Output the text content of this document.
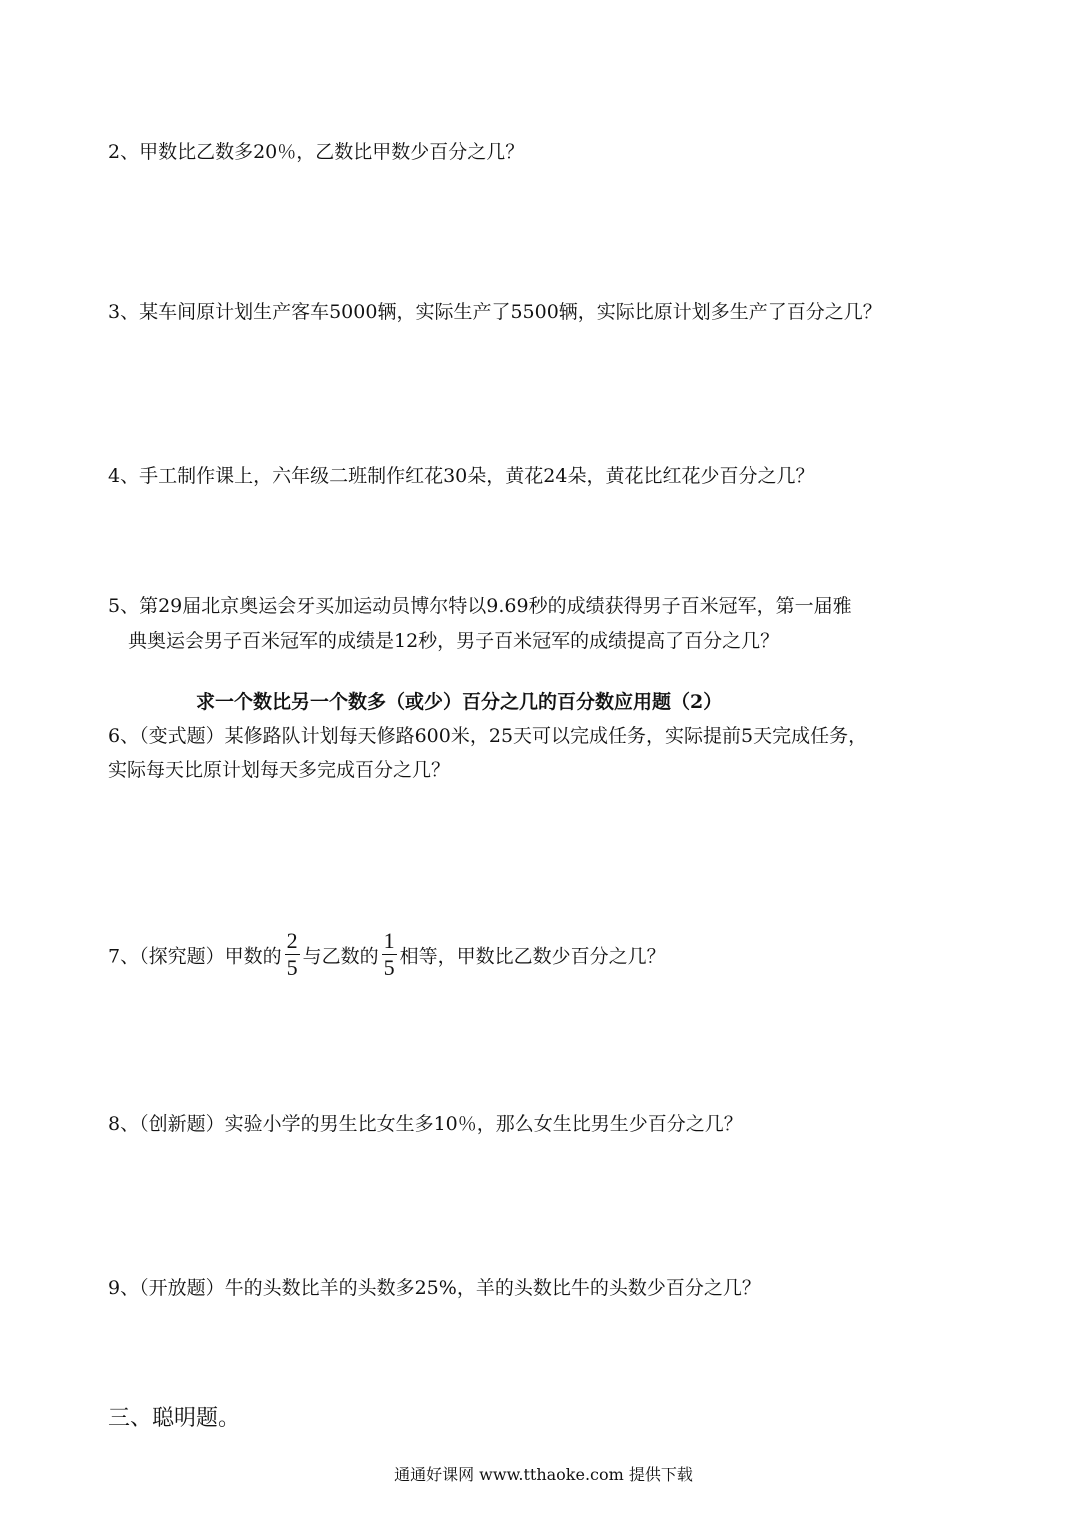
2、甲数比乙数多20％，乙数比甲数少百分之几？
3、某车间原计划生产客车5000辆，实际生产了5500辆，实际比原计划多生产了百分之几？
4、手工制作课上，六年级二班制作红花30朵，黄花24朵，黄花比红花少百分之几？
5、第29届北京奥运会牙买加运动员博尔特以9.69秒的成绩获得男子百米冠军，第一届雅
典奥运会男子百米冠军的成绩是12秒，男子百米冠军的成绩提高了百分之几？
求一个数比另一个数多（或少）百分之几的百分数应用题（2）
6、（变式题）某修路队计划每天修路600米，25天可以完成任务，实际提前5天完成任务，
实际每天比原计划每天多完成百分之几？
7、（探究题）甲数的 $\frac{2}{5}$ 与乙数的 $\frac{1}{5}$ 相等，甲数比乙数少百分之几？
8、（创新题）实验小学的男生比女生多10％，那么女生比男生少百分之几？
9、（开放题）牛的头数比羊的头数多25%，羊的头数比牛的头数少百分之几？
三、聪明题。
通通好课网 www.tthaoke.com 提供下载
